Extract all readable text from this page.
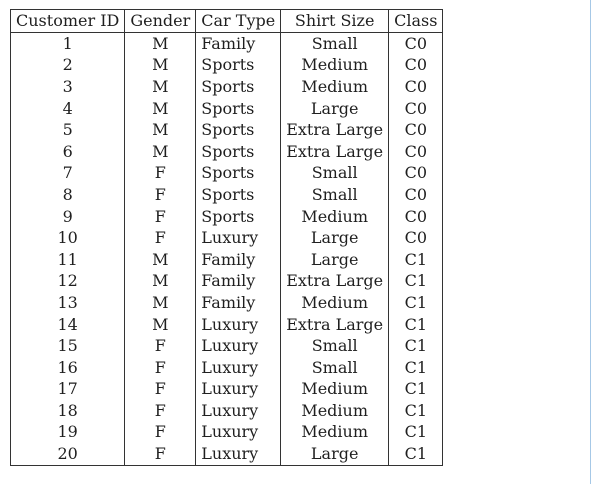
Customer ID	Gender	Car Type	Shirt Size	Class
1	M	Family	Small	C0
2	M	Sports	Medium	C0
3	M	Sports	Medium	C0
4	M	Sports	Large	C0
5	M	Sports	Extra Large	C0
6	M	Sports	Extra Large	C0
7	F	Sports	Small	C0
8	F	Sports	Small	C0
9	F	Sports	Medium	C0
10	F	Luxury	Large	C0
11	M	Family	Large	C1
12	M	Family	Extra Large	C1
13	M	Family	Medium	C1
14	M	Luxury	Extra Large	C1
15	F	Luxury	Small	C1
16	F	Luxury	Small	C1
17	F	Luxury	Medium	C1
18	F	Luxury	Medium	C1
19	F	Luxury	Medium	C1
20	F	Luxury	Large	C1
